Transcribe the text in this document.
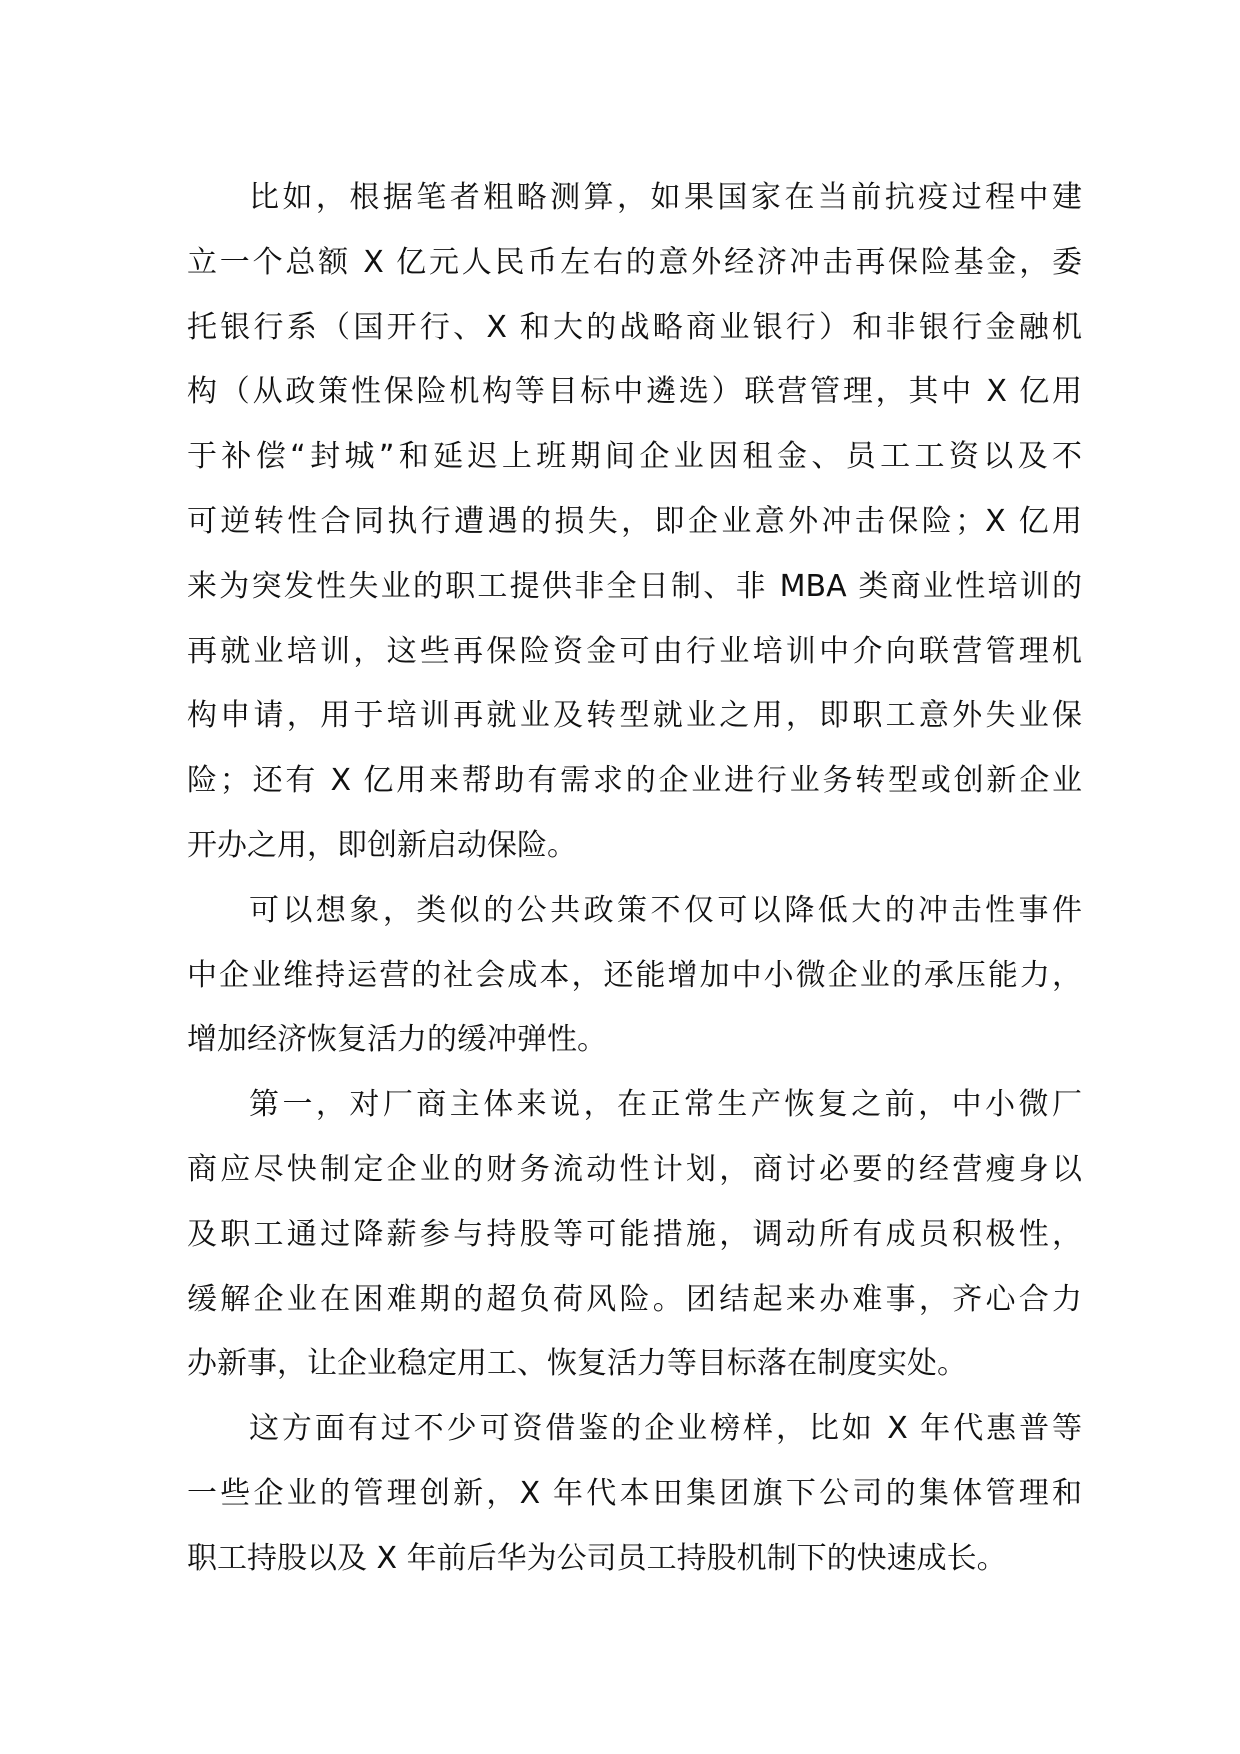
比如，根据笔者粗略测算，如果国家在当前抗疫过程中建
立一个总额 X 亿元人民币左右的意外经济冲击再保险基金，委
托银行系（国开行、X 和大的战略商业银行）和非银行金融机
构（从政策性保险机构等目标中遴选）联营管理，其中 X 亿用
于补偿“封城”和延迟上班期间企业因租金、员工工资以及不
可逆转性合同执行遭遇的损失，即企业意外冲击保险；X 亿用
来为突发性失业的职工提供非全日制、非 MBA 类商业性培训的
再就业培训，这些再保险资金可由行业培训中介向联营管理机
构申请，用于培训再就业及转型就业之用，即职工意外失业保
险；还有 X 亿用来帮助有需求的企业进行业务转型或创新企业
开办之用，即创新启动保险。
可以想象，类似的公共政策不仅可以降低大的冲击性事件
中企业维持运营的社会成本，还能增加中小微企业的承压能力，
增加经济恢复活力的缓冲弹性。
第一，对厂商主体来说，在正常生产恢复之前，中小微厂
商应尽快制定企业的财务流动性计划，商讨必要的经营瘦身以
及职工通过降薪参与持股等可能措施，调动所有成员积极性，
缓解企业在困难期的超负荷风险。团结起来办难事，齐心合力
办新事，让企业稳定用工、恢复活力等目标落在制度实处。
这方面有过不少可资借鉴的企业榜样，比如 X 年代惠普等
一些企业的管理创新，X 年代本田集团旗下公司的集体管理和
职工持股以及 X 年前后华为公司员工持股机制下的快速成长。
